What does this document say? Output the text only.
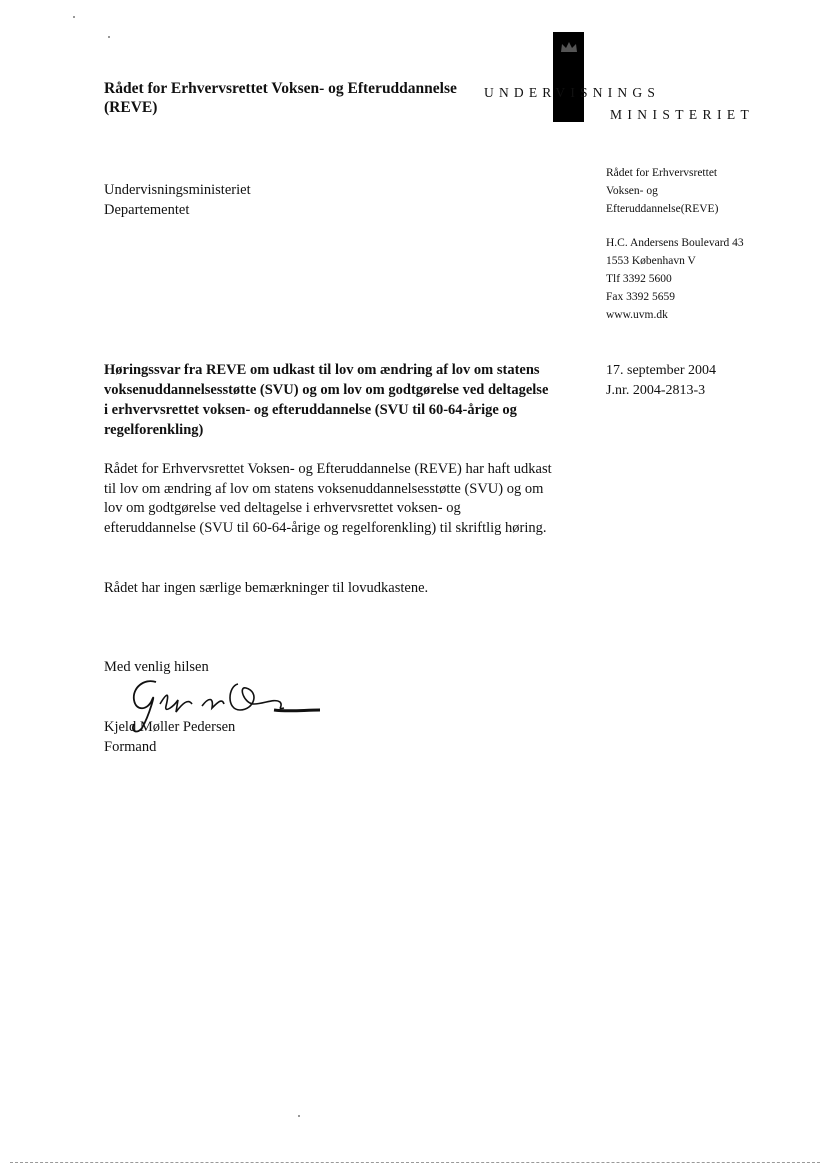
Rådet for Erhvervsrettet Voksen- og Efteruddannelse (REVE)
UNDERVISNINGS
MINISTERIET
Undervisningsministeriet
Departementet
Rådet for Erhvervsrettet
Voksen- og
Efteruddannelse(REVE)
H.C. Andersens Boulevard 43
1553 København V
Tlf 3392 5600
Fax 3392 5659
www.uvm.dk
Høringssvar fra REVE om udkast til lov om ændring af lov om statens voksenuddannelsesstøtte (SVU) og om lov om godtgørelse ved deltagelse i erhvervsrettet voksen- og efteruddannelse (SVU til 60-64-årige og regelforenkling)
17. september 2004
J.nr. 2004-2813-3
Rådet for Erhvervsrettet Voksen- og Efteruddannelse (REVE) har haft udkast til lov om ændring af lov om statens voksenuddannelsesstøtte (SVU) og om lov om godtgørelse ved deltagelse i erhvervsrettet voksen- og efteruddannelse (SVU til 60-64-årige og regelforenkling) til skriftlig høring.
Rådet har ingen særlige bemærkninger til lovudkastene.
Med venlig hilsen
Kjeld Møller Pedersen
Formand
